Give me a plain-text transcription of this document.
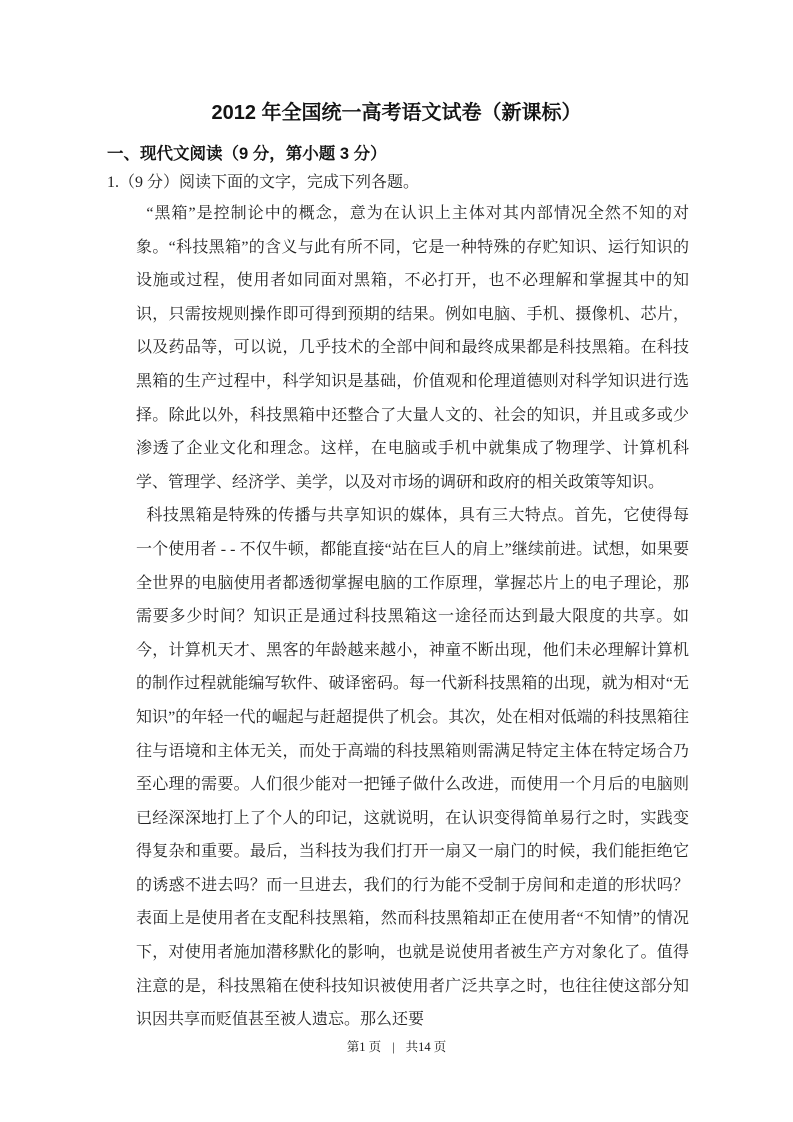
2012 年全国统一高考语文试卷（新课标）
一、现代文阅读（9 分，第小题 3 分）
1.（9 分）阅读下面的文字，完成下列各题。

“黑箱”是控制论中的概念，意为在认识上主体对其内部情况全然不知的对象。“科技黑箱”的含义与此有所不同，它是一种特殊的存贮知识、运行知识的设施或过程，使用者如同面对黑箱，不必打开，也不必理解和掌握其中的知识，只需按规则操作即可得到预期的结果。例如电脑、手机、摄像机、芯片，以及药品等，可以说，几乎技术的全部中间和最终成果都是科技黑箱。在科技黑箱的生产过程中，科学知识是基础，价值观和伦理道德则对科学知识进行选择。除此以外，科技黑箱中还整合了大量人文的、社会的知识，并且或多或少渗透了企业文化和理念。这样，在电脑或手机中就集成了物理学、计算机科学、管理学、经济学、美学，以及对市场的调研和政府的相关政策等知识。

科技黑箱是特殊的传播与共享知识的媒体，具有三大特点。首先，它使得每一个使用者 - - 不仅牛顿，都能直接“站在巨人的肩上”继续前进。试想，如果要全世界的电脑使用者都透彻掌握电脑的工作原理，掌握芯片上的电子理论，那需要多少时间？知识正是通过科技黑箱这一途径而达到最大限度的共享。如今，计算机天才、黑客的年龄越来越小，神童不断出现，他们未必理解计算机的制作过程就能编写软件、破译密码。每一代新科技黑箱的出现，就为相对“无知识”的年轻一代的崛起与赶超提供了机会。其次，处在相对低端的科技黑箱往往与语境和主体无关，而处于高端的科技黑箱则需满足特定主体在特定场合乃至心理的需要。人们很少能对一把锤子做什么改进，而使用一个月后的电脑则已经深深地打上了个人的印记，这就说明，在认识变得简单易行之时，实践变得复杂和重要。最后，当科技为我们打开一扇又一扇门的时候，我们能拒绝它的诱惑不进去吗？而一旦进去，我们的行为能不受制于房间和走道的形状吗？表面上是使用者在支配科技黑箱，然而科技黑箱却正在使用者“不知情”的情况下，对使用者施加潜移默化的影响，也就是说使用者被生产方对象化了。值得注意的是，科技黑箱在使科技知识被使用者广泛共享之时，也往往使这部分知识因共享而贬值甚至被人遗忘。那么还要

第1 页 | 共14 页
